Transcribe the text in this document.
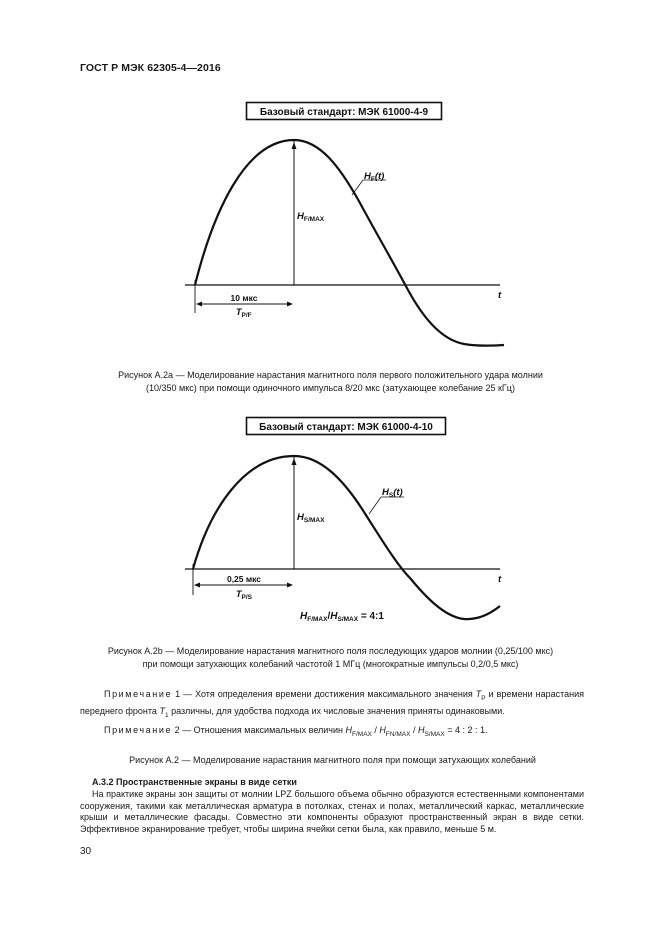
ГОСТ Р МЭК 62305-4—2016
Базовый стандарт: МЭК 61000-4-9
$H_F(t)$
$H_{F/MAX}$
t
10 мкс
$T_{P/F}$
Рисунок А.2а — Моделирование нарастания магнитного поля первого положительного удара молнии
(10/350 мкс) при помощи одиночного импульса 8/20 мкс (затухающее колебание 25 кГц)
Базовый стандарт: МЭК 61000-4-10
$H_S(t)$
$H_{S/MAX}$
t
0,25 мкс
$T_{P/S}$
$H_{F/MAX}/H_{S/MAX}$ = 4:1
Рисунок А.2b — Моделирование нарастания магнитного поля последующих ударов молнии (0,25/100 мкс)
при помощи затухающих колебаний частотой 1 МГц (многократные импульсы 0,2/0,5 мкс)
Примечание 1 — Хотя определения времени достижения максимального значения $T_P$ и времени нарастания переднего фронта $T_1$ различны, для удобства подхода их числовые значения приняты одинаковыми.
Примечание 2 — Отношения максимальных величин $H_{F/MAX} / H_{FN/MAX} / H_{S/MAX} = 4$ : 2 : 1.
Рисунок А.2 — Моделирование нарастания магнитного поля при помощи затухающих колебаний
А.3.2 Пространственные экраны в виде сетки
На практике экраны зон защиты от молнии LPZ большого объема обычно образуются естественными компонентами сооружения, такими как металлическая арматура в потолках, стенах и полах, металлический каркас, металлические крыши и металлические фасады. Совместно эти компоненты образуют пространственный экран в виде сетки. Эффективное экранирование требует, чтобы ширина ячейки сетки была, как правило, меньше 5 м.
30
